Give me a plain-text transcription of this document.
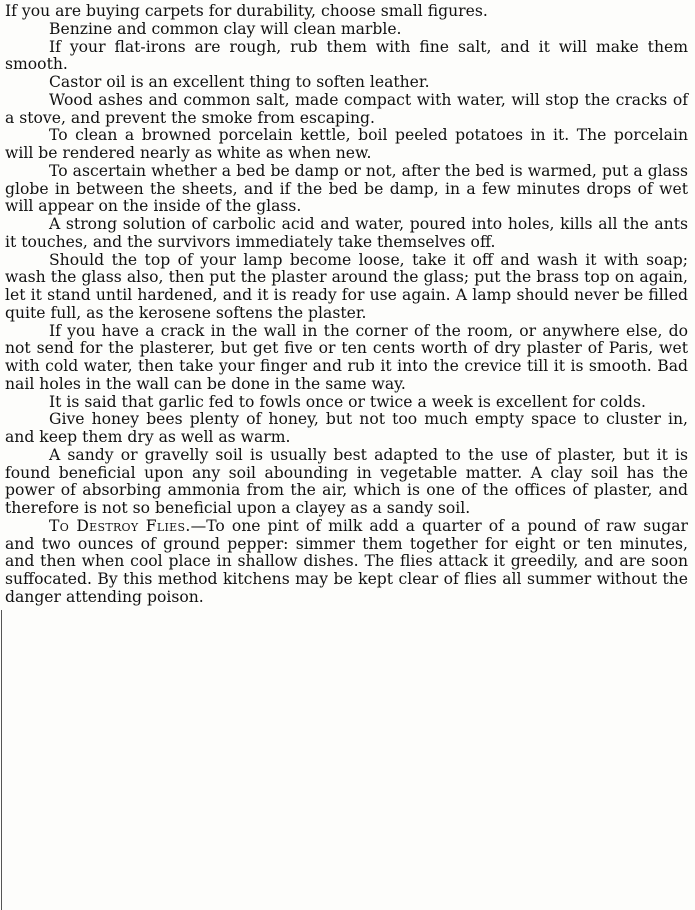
If you are buying carpets for durability, choose small figures.

Benzine and common clay will clean marble.

If your flat-irons are rough, rub them with fine salt, and it will make them smooth.

Castor oil is an excellent thing to soften leather.

Wood ashes and common salt, made compact with water, will stop the cracks of a stove, and prevent the smoke from escaping.

To clean a browned porcelain kettle, boil peeled potatoes in it. The porcelain will be rendered nearly as white as when new.

To ascertain whether a bed be damp or not, after the bed is warmed, put a glass globe in between the sheets, and if the bed be damp, in a few minutes drops of wet will appear on the inside of the glass.

A strong solution of carbolic acid and water, poured into holes, kills all the ants it touches, and the survivors immediately take themselves off.

Should the top of your lamp become loose, take it off and wash it with soap; wash the glass also, then put the plaster around the glass; put the brass top on again, let it stand until hardened, and it is ready for use again. A lamp should never be filled quite full, as the kerosene softens the plaster.

If you have a crack in the wall in the corner of the room, or anywhere else, do not send for the plasterer, but get five or ten cents worth of dry plaster of Paris, wet with cold water, then take your finger and rub it into the crevice till it is smooth. Bad nail holes in the wall can be done in the same way.

It is said that garlic fed to fowls once or twice a week is excellent for colds.

Give honey bees plenty of honey, but not too much empty space to cluster in, and keep them dry as well as warm.

A sandy or gravelly soil is usually best adapted to the use of plaster, but it is found beneficial upon any soil abounding in vegetable matter. A clay soil has the power of absorbing ammonia from the air, which is one of the offices of plaster, and therefore is not so beneficial upon a clayey as a sandy soil.

To Destroy Flies.—To one pint of milk add a quarter of a pound of raw sugar and two ounces of ground pepper: simmer them together for eight or ten minutes, and then when cool place in shallow dishes. The flies attack it greedily, and are soon suffocated. By this method kitchens may be kept clear of flies all summer without the danger attending poison.
